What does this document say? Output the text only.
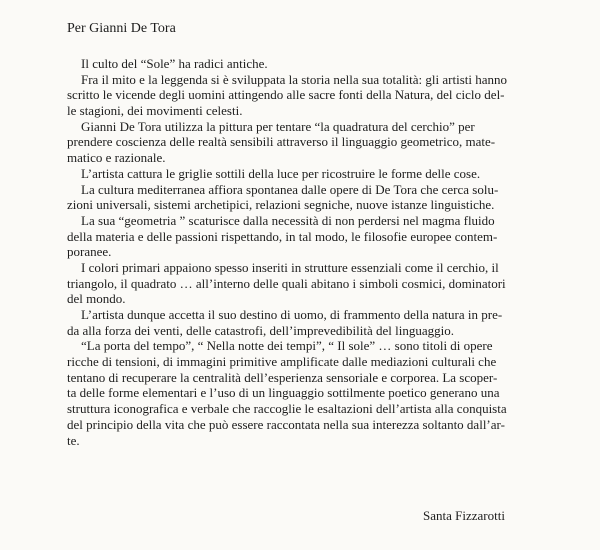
Per Gianni De Tora
Il culto del “Sole” ha radici antiche.
Fra il mito e la leggenda si è sviluppata la storia nella sua totalità: gli artisti hanno
scritto le vicende degli uomini attingendo alle sacre fonti della Natura, del ciclo del-
le stagioni, dei movimenti celesti.
Gianni De Tora utilizza la pittura per tentare “la quadratura del cerchio” per
prendere coscienza delle realtà sensibili attraverso il linguaggio geometrico, mate-
matico e razionale.
L’artista cattura le griglie sottili della luce per ricostruire le forme delle cose.
La cultura mediterranea affiora spontanea dalle opere di De Tora che cerca solu-
zioni universali, sistemi archetipici, relazioni segniche, nuove istanze linguistiche.
La sua “geometria ” scaturisce dalla necessità di non perdersi nel magma fluido
della materia e delle passioni rispettando, in tal modo, le filosofie europee contem-
poranee.
I colori primari appaiono spesso inseriti in strutture essenziali come il cerchio, il
triangolo, il quadrato … all’interno delle quali abitano i simboli cosmici, dominatori
del mondo.
L’artista dunque accetta il suo destino di uomo, di frammento della natura in pre-
da alla forza dei venti, delle catastrofi, dell’imprevedibilità del linguaggio.
“La porta del tempo”, “ Nella notte dei tempi”, “ Il sole” … sono titoli di opere
ricche di tensioni, di immagini primitive amplificate dalle mediazioni culturali che
tentano di recuperare la centralità dell’esperienza sensoriale e corporea. La scoper-
ta delle forme elementari e l’uso di un linguaggio sottilmente poetico generano una
struttura iconografica e verbale che raccoglie le esaltazioni dell’artista alla conquista
del principio della vita che può essere raccontata nella sua interezza soltanto dall’ar-
te.
Santa Fizzarotti
